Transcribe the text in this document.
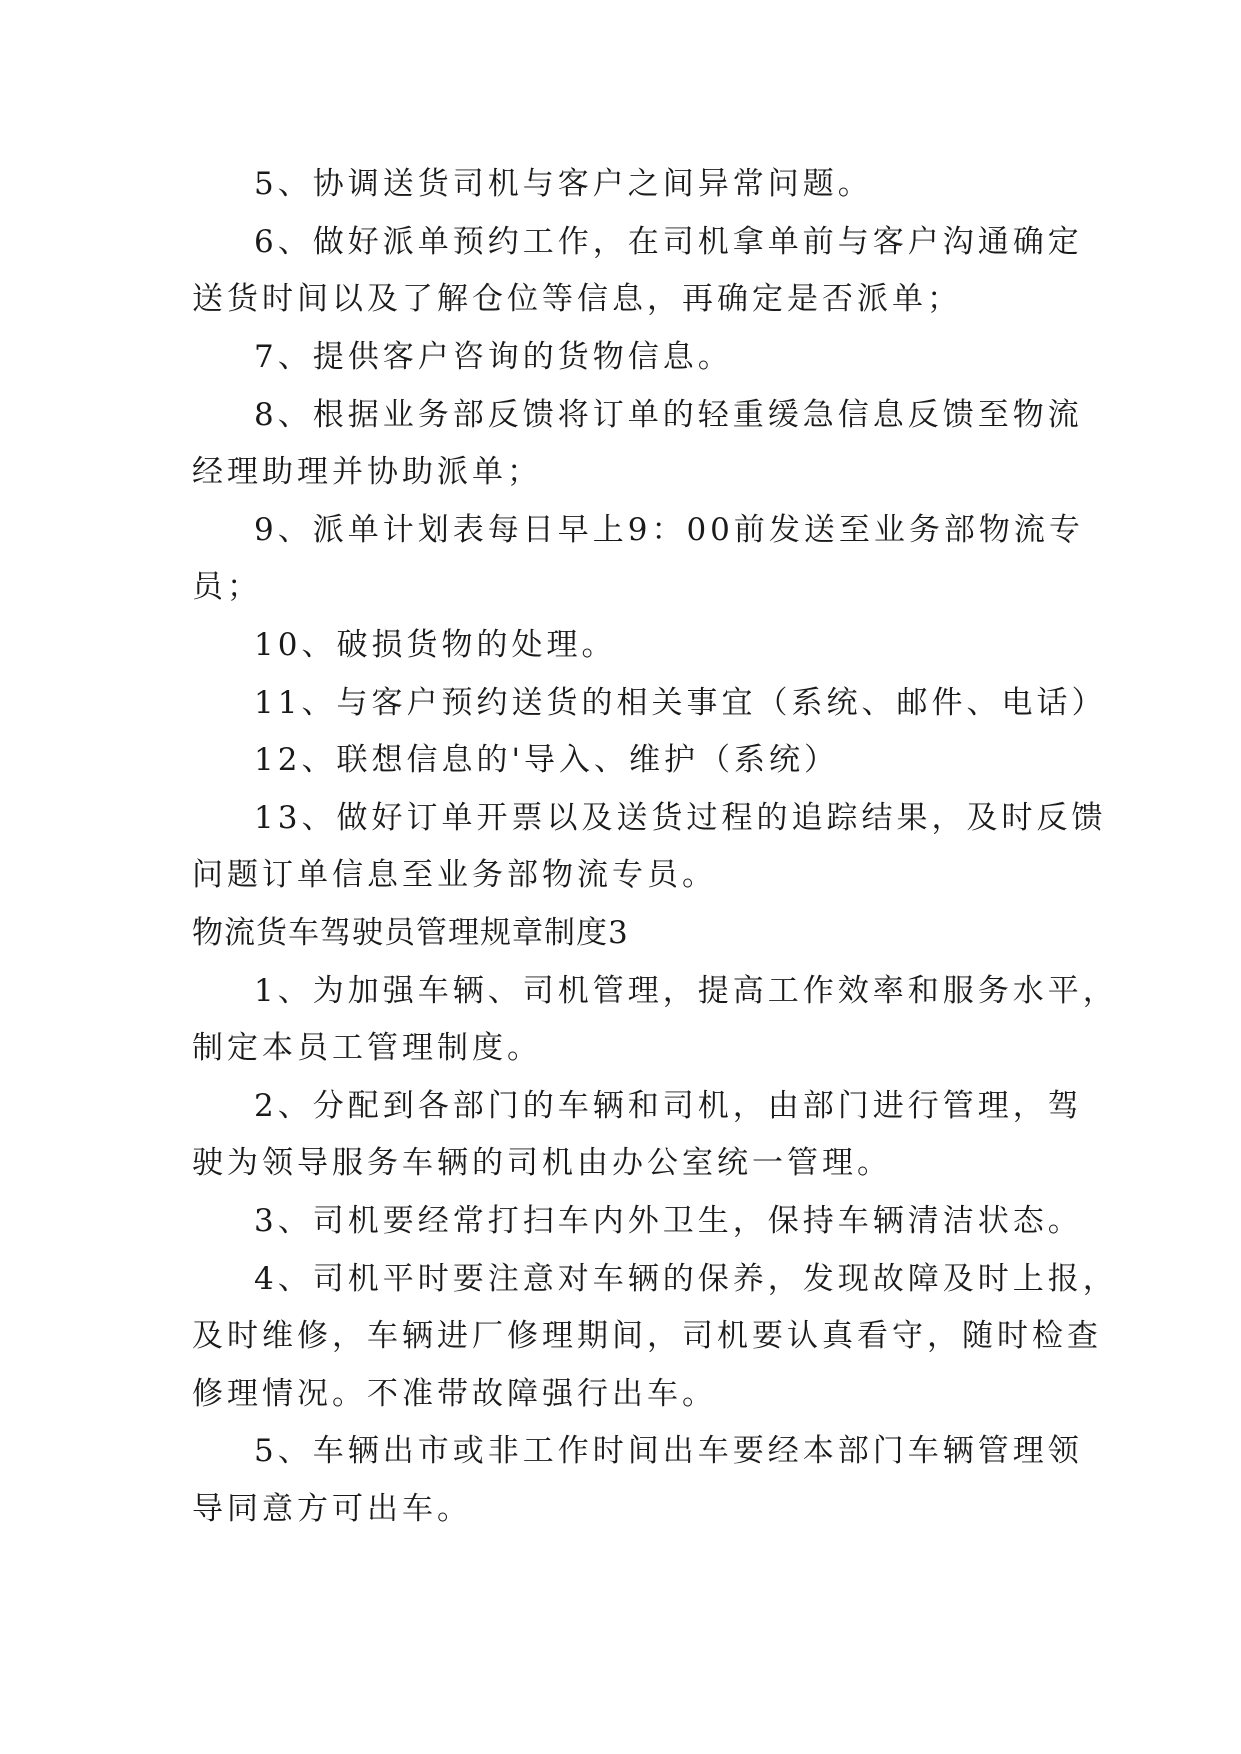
5、协调送货司机与客户之间异常问题。
6、做好派单预约工作，在司机拿单前与客户沟通确定
送货时间以及了解仓位等信息，再确定是否派单；
7、提供客户咨询的货物信息。
8、根据业务部反馈将订单的轻重缓急信息反馈至物流
经理助理并协助派单；
9、派单计划表每日早上9：00前发送至业务部物流专
员；
10、破损货物的处理。
11、与客户预约送货的相关事宜（系统、邮件、电话）
12、联想信息的'导入、维护（系统）
13、做好订单开票以及送货过程的追踪结果，及时反馈
问题订单信息至业务部物流专员。
物流货车驾驶员管理规章制度3
1、为加强车辆、司机管理，提高工作效率和服务水平，
制定本员工管理制度。
2、分配到各部门的车辆和司机，由部门进行管理，驾
驶为领导服务车辆的司机由办公室统一管理。
3、司机要经常打扫车内外卫生，保持车辆清洁状态。
4、司机平时要注意对车辆的保养，发现故障及时上报，
及时维修，车辆进厂修理期间，司机要认真看守，随时检查
修理情况。不准带故障强行出车。
5、车辆出市或非工作时间出车要经本部门车辆管理领
导同意方可出车。
